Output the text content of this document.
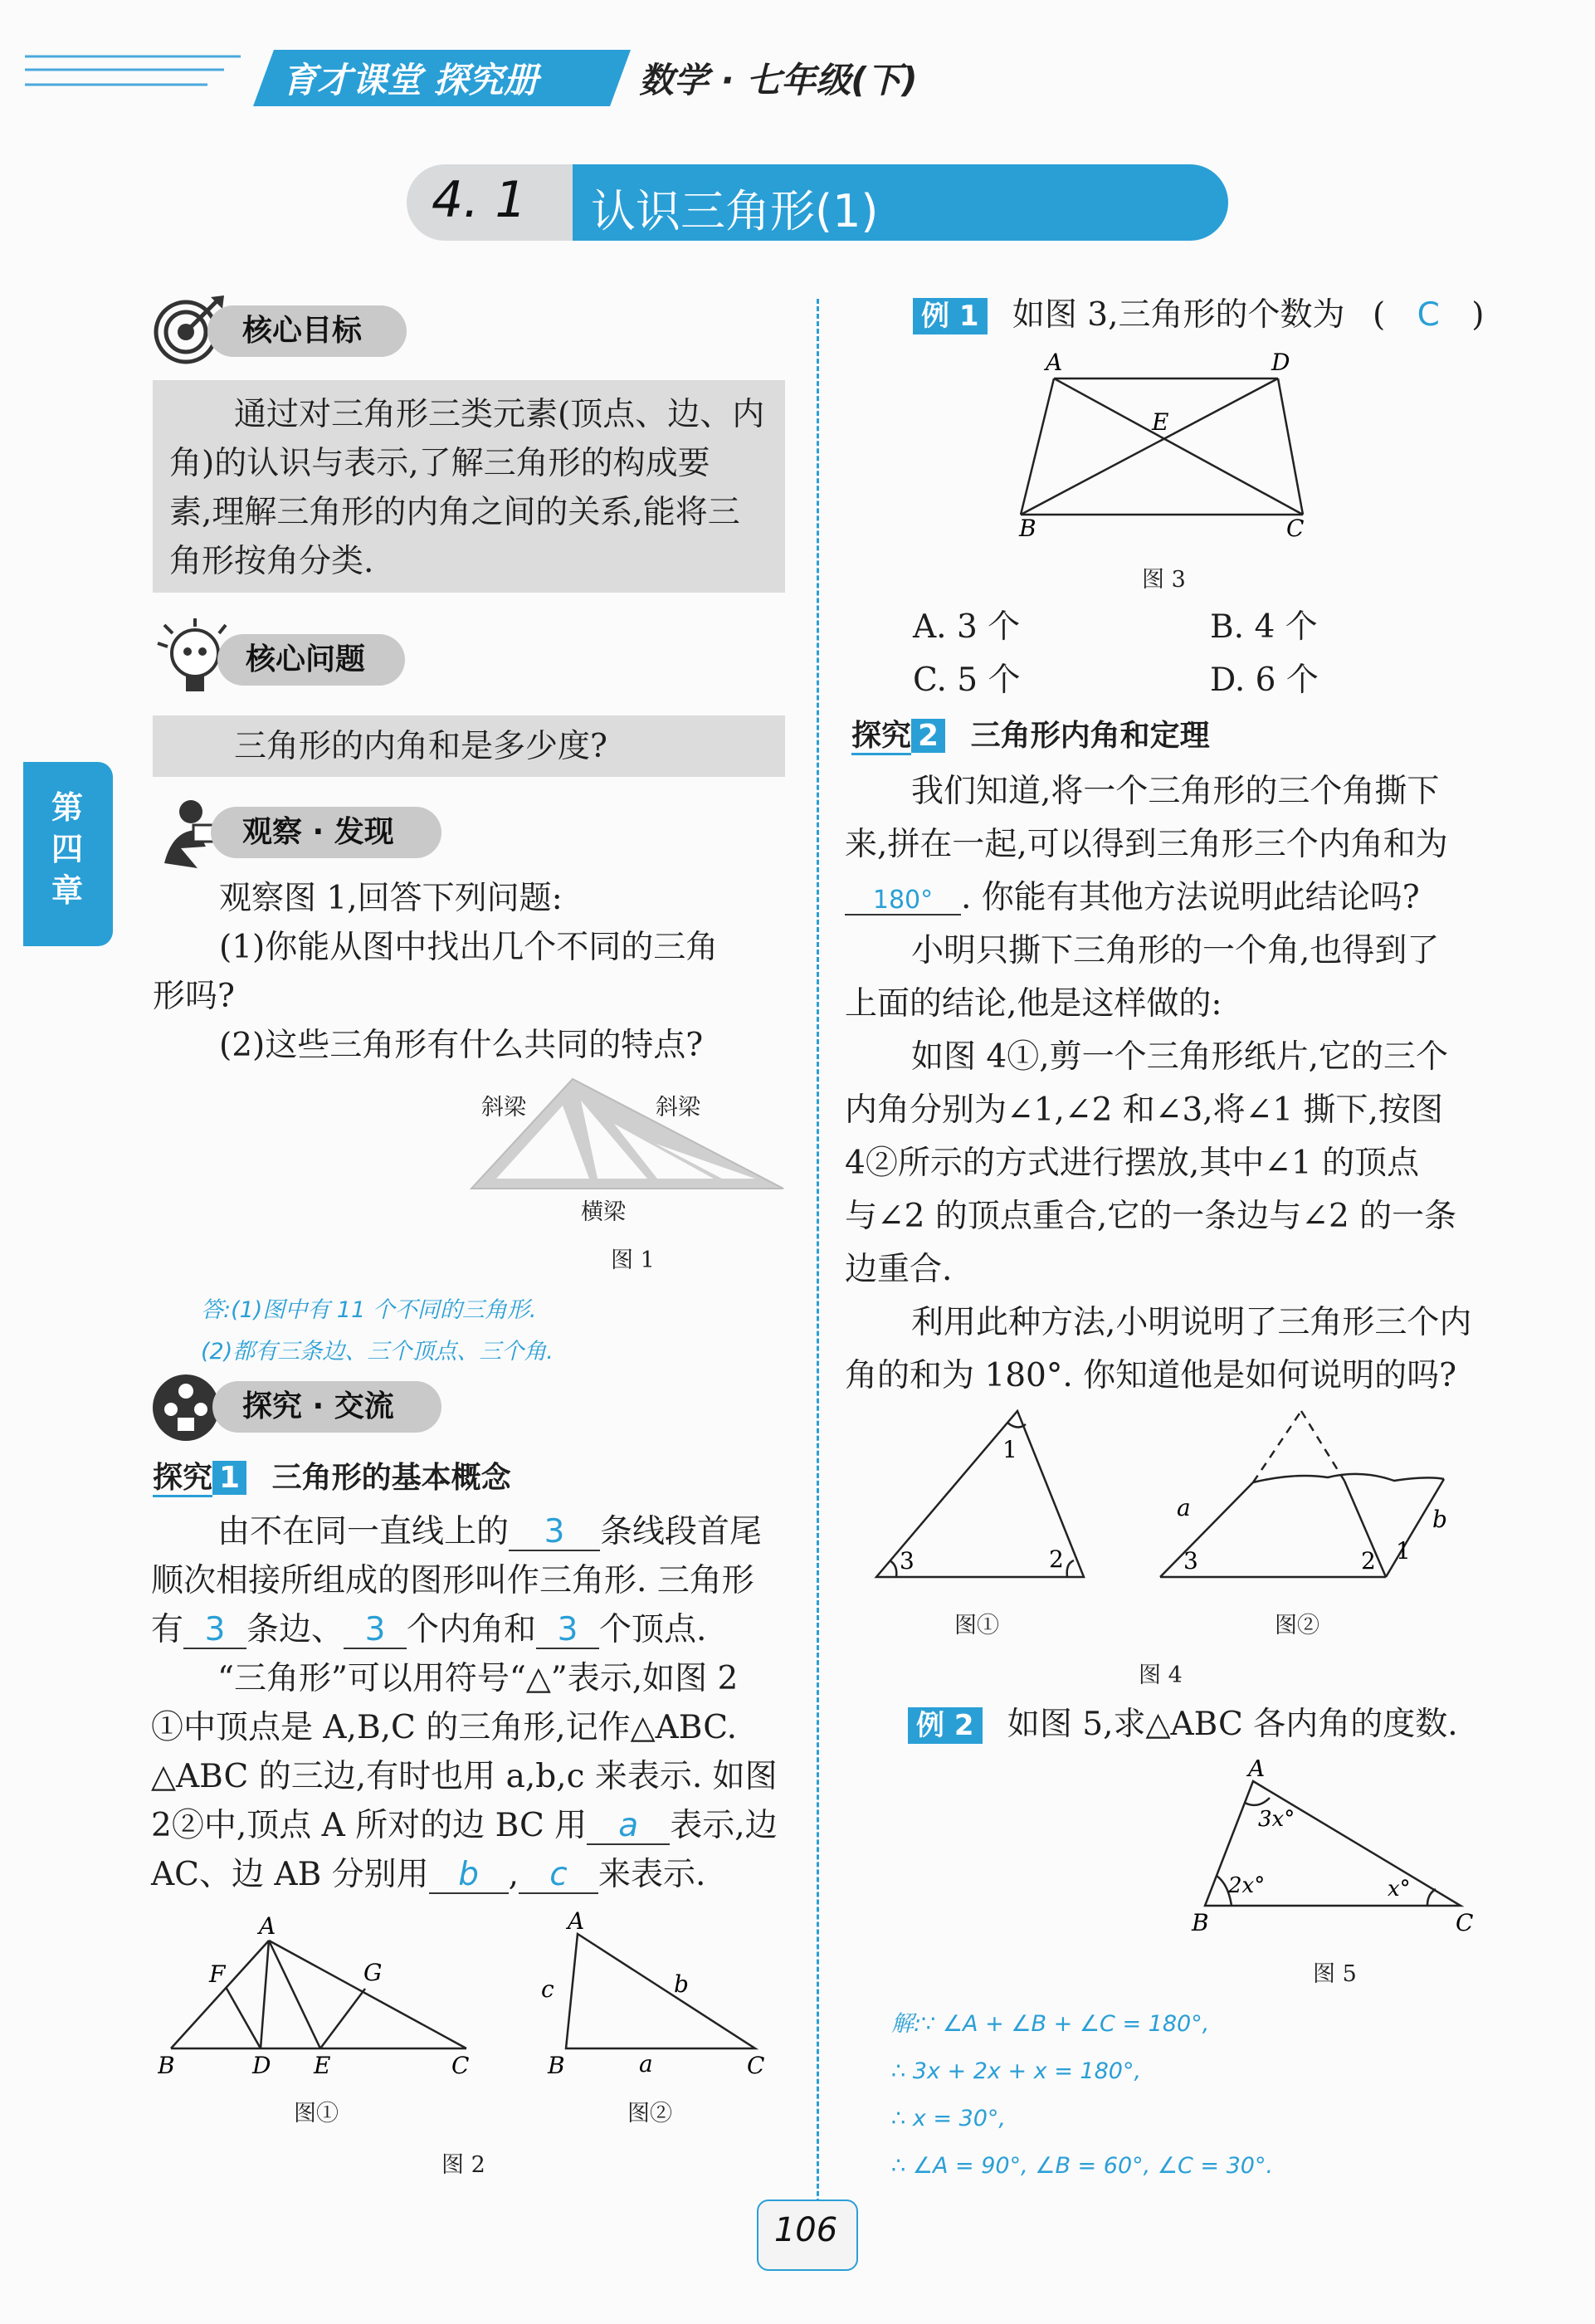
育才课堂 探究册	数学 · 七年级(下)
4. 1 认识三角形(1)
第四章
核心目标
通过对三角形三类元素(顶点、边、内
角)的认识与表示,了解三角形的构成要
素,理解三角形的内角之间的关系,能将三
角形按角分类.
核心问题
三角形的内角和是多少度?
观察 · 发现
观察图 1,回答下列问题:
(1)你能从图中找出几个不同的三角
形吗?
(2)这些三角形有什么共同的特点?
斜梁	斜梁
横梁
图 1
答:(1)图中有 11 个不同的三角形.
(2)都有三条边、三个顶点、三个角.
探究 · 交流
探究 1 三角形的基本概念
由不在同一直线上的 3 条线段首尾
顺次相接所组成的图形叫作三角形. 三角形
有 3 条边、 3 个内角和 3 个顶点.
“三角形”可以用符号“△”表示,如图 2
①中顶点是 A,B,C 的三角形,记作△ABC.
△ABC 的三边,有时也用 a,b,c 来表示. 如图
2②中,顶点 A 所对的边 BC 用 a 表示,边
AC、边 AB 分别用 b , c 来表示.
A
F	G
B	D E	C
A
c	b
B	a	C
图①	图②
图 2
例 1 如图 3,三角形的个数为 ( C )
A	D
E
B	C
图 3
A. 3 个	B. 4 个
C. 5 个	D. 6 个
探究 2 三角形内角和定理
我们知道,将一个三角形的三个角撕下
来,拼在一起,可以得到三角形三个内角和为
180° . 你能有其他方法说明此结论吗?
小明只撕下三角形的一个角,也得到了
上面的结论,他是这样做的:
如图 4①,剪一个三角形纸片,它的三个
内角分别为∠1,∠2 和∠3,将∠1 撕下,按图
4②所示的方式进行摆放,其中∠1 的顶点
与∠2 的顶点重合,它的一条边与∠2 的一条
边重合.
利用此种方法,小明说明了三角形三个内
角的和为 180°. 你知道他是如何说明的吗?
1
3	2
a	b
3	2 1
图①	图②
图 4
例 2 如图 5,求△ABC 各内角的度数.
A
3x°
2x°	x°
B	C
图 5
解:∵ ∠A + ∠B + ∠C = 180°,
∴ 3x + 2x + x = 180°,
∴ x = 30°,
∴ ∠A = 90°, ∠B = 60°, ∠C = 30°.
106
